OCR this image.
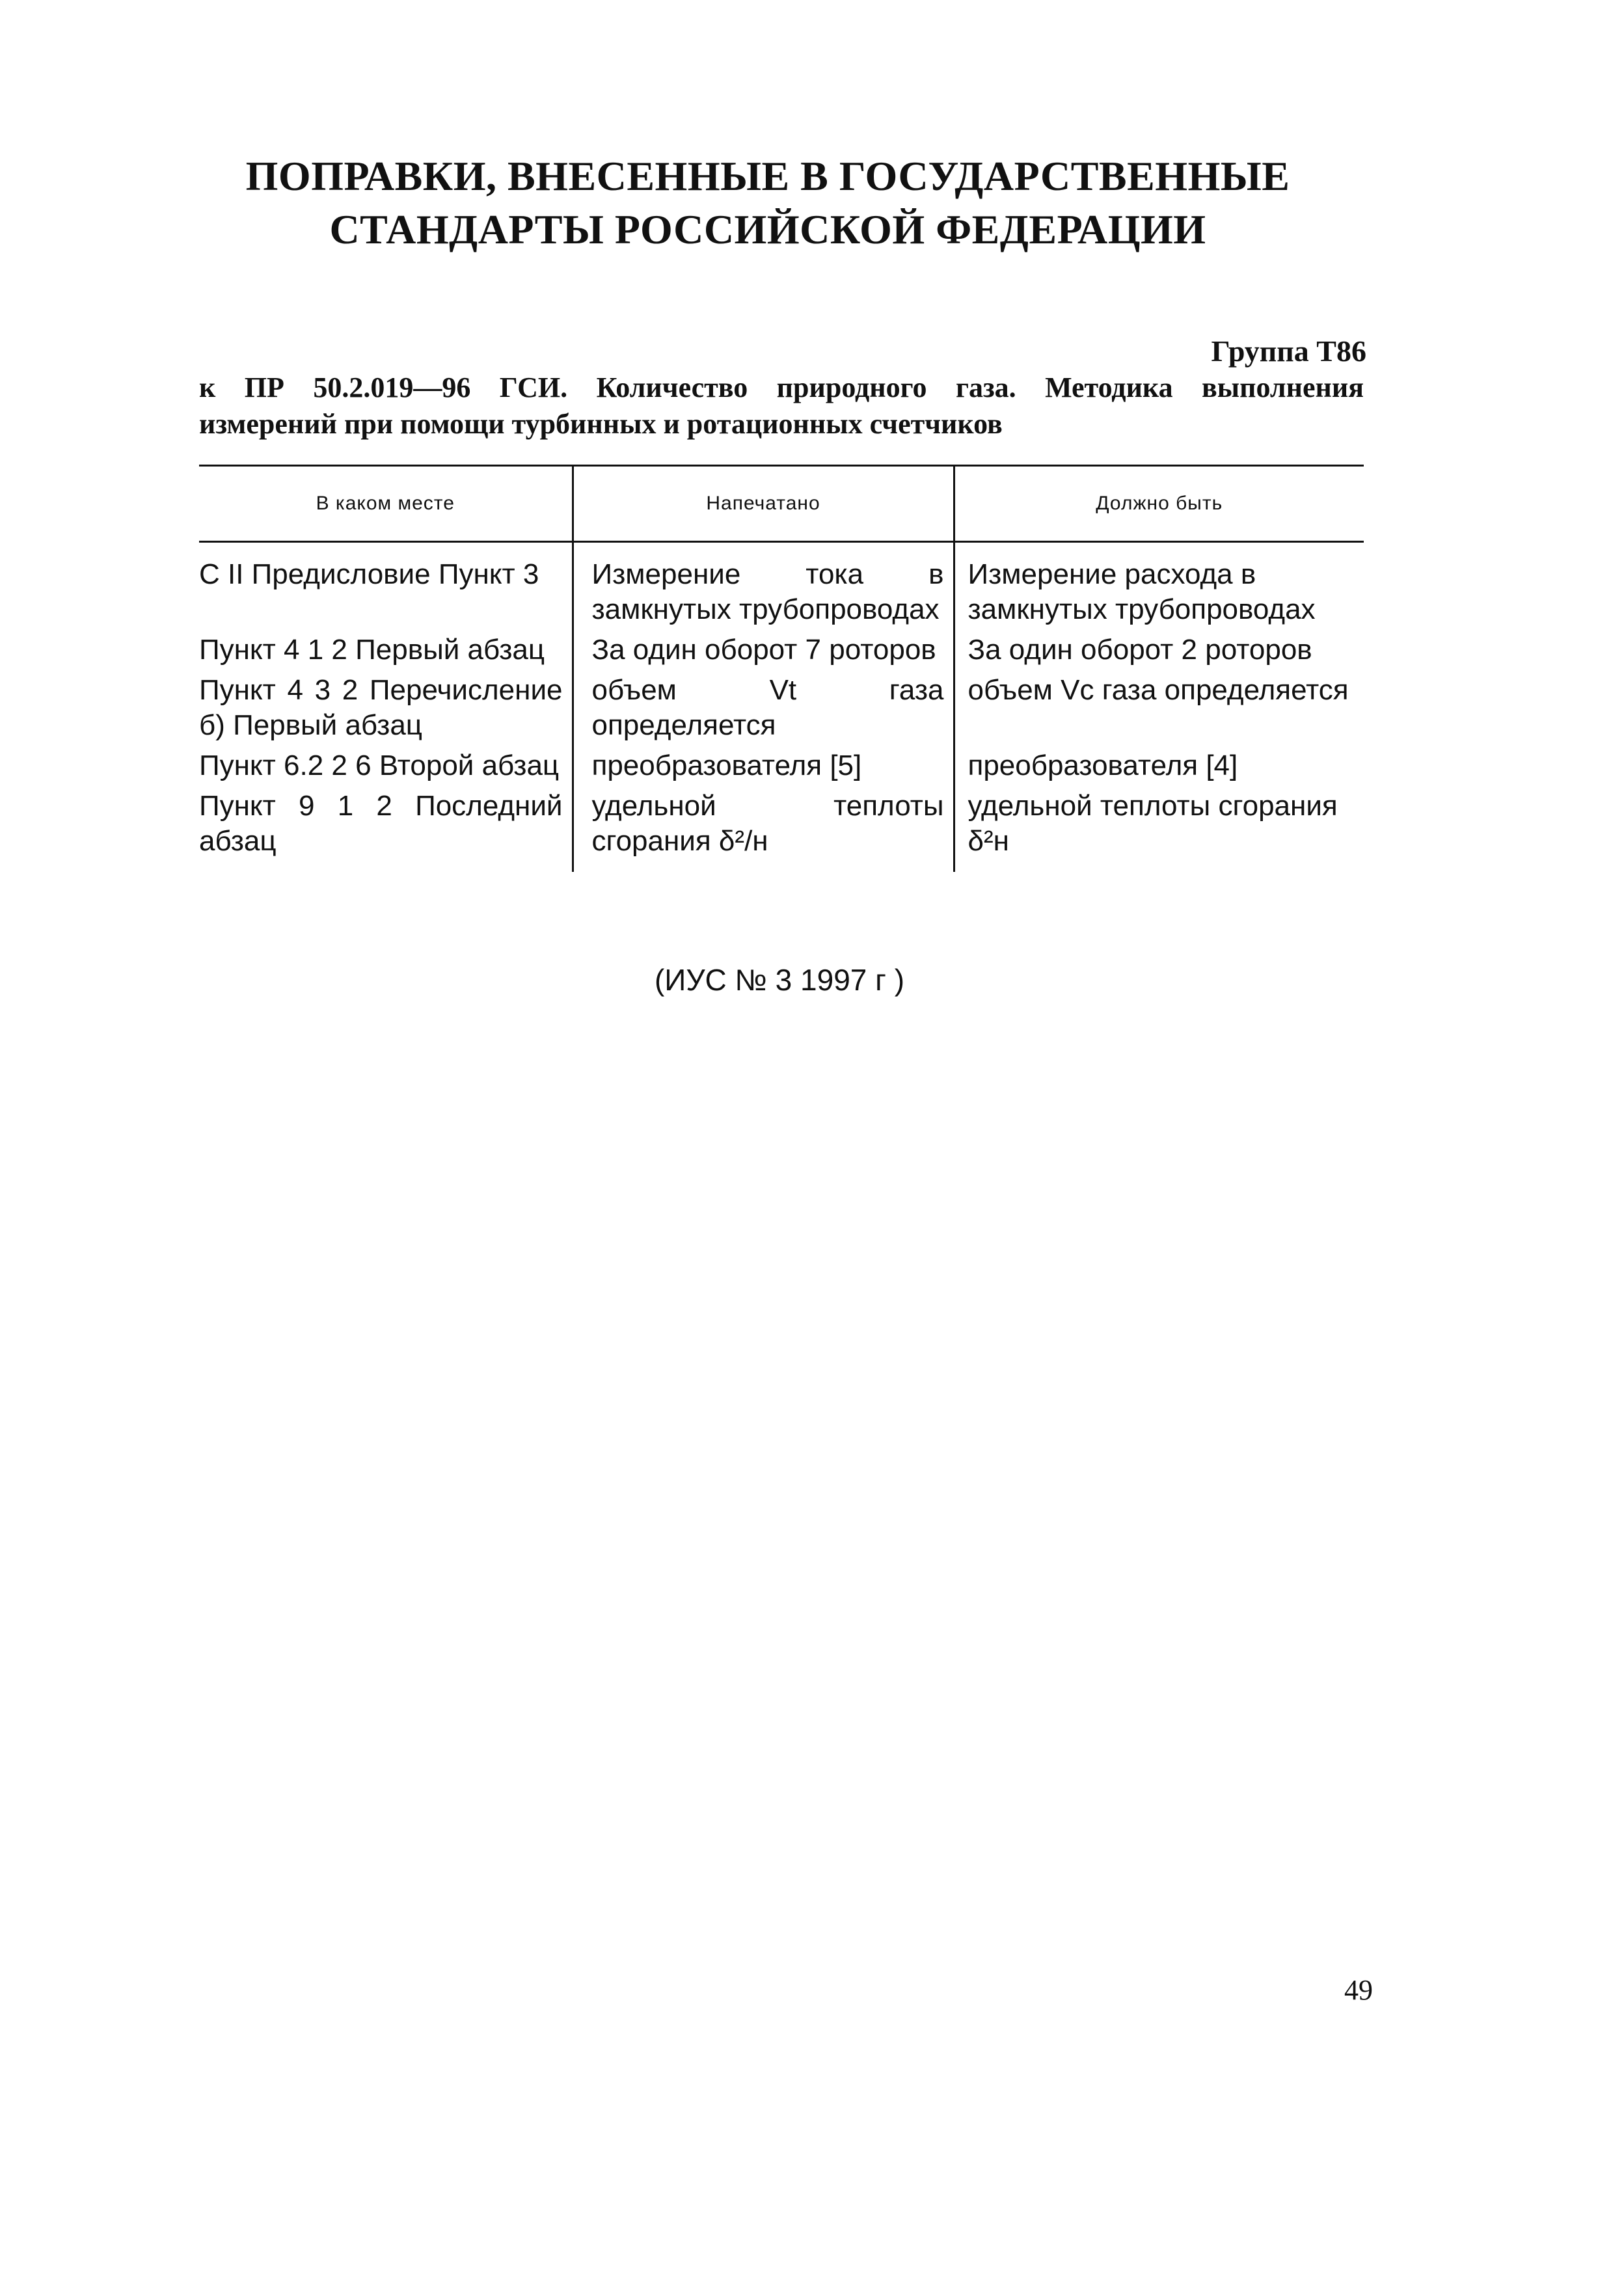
ПОПРАВКИ, ВНЕСЕННЫЕ В ГОСУДАРСТВЕННЫЕ
СТАНДАРТЫ РОССИЙСКОЙ ФЕДЕРАЦИИ
Группа Т86
к ПР 50.2.019—96 ГСИ. Количество природного газа. Методика выполнения
измерений при помощи турбинных и ротационных счетчиков
В каком месте	Напечатано	Должно быть
С II Предисловие Пункт 3	Измерение тока в замкнутых трубопроводах	Измерение расхода в замкнутых трубопроводах
Пункт 4 1 2 Первый абзац	За один оборот 7 роторов	За один оборот 2 роторов
Пункт 4 3 2 Перечисление б) Первый абзац	объем Vt газа определяется	объем Vc газа определяется
Пункт 6.2 2 6 Второй абзац	преобразователя [5]	преобразователя [4]
Пункт 9 1 2 Последний абзац	удельной теплоты сгорания δ²/н	удельной теплоты сгорания δ²н
(ИУС № 3 1997 г )
49
